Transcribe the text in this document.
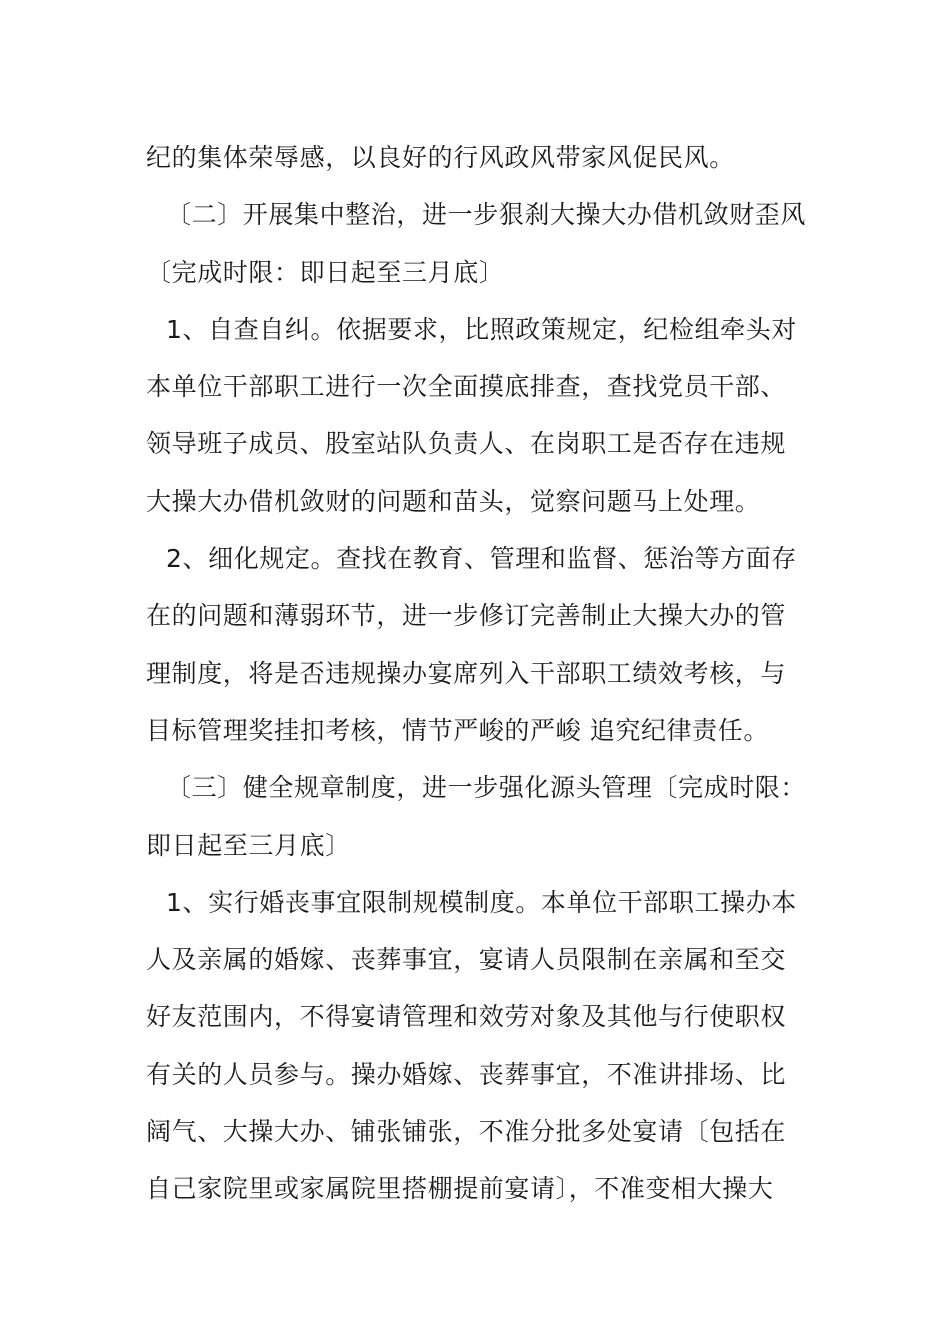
纪的集体荣辱感，以良好的行风政风带家风促民风。
〔二〕开展集中整治，进一步狠刹大操大办借机敛财歪风
〔完成时限：即日起至三月底〕
1、自查自纠。依据要求，比照政策规定，纪检组牵头对
本单位干部职工进行一次全面摸底排查，查找党员干部、
领导班子成员、股室站队负责人、在岗职工是否存在违规
大操大办借机敛财的问题和苗头，觉察问题马上处理。
2、细化规定。查找在教育、管理和监督、惩治等方面存
在的问题和薄弱环节，进一步修订完善制止大操大办的管
理制度，将是否违规操办宴席列入干部职工绩效考核，与
目标管理奖挂扣考核，情节严峻的严峻 追究纪律责任。
〔三〕健全规章制度，进一步强化源头管理〔完成时限：
即日起至三月底〕
1、实行婚丧事宜限制规模制度。本单位干部职工操办本
人及亲属的婚嫁、丧葬事宜，宴请人员限制在亲属和至交
好友范围内，不得宴请管理和效劳对象及其他与行使职权
有关的人员参与。操办婚嫁、丧葬事宜，不准讲排场、比
阔气、大操大办、铺张铺张，不准分批多处宴请〔包括在
自己家院里或家属院里搭棚提前宴请〕，不准变相大操大
